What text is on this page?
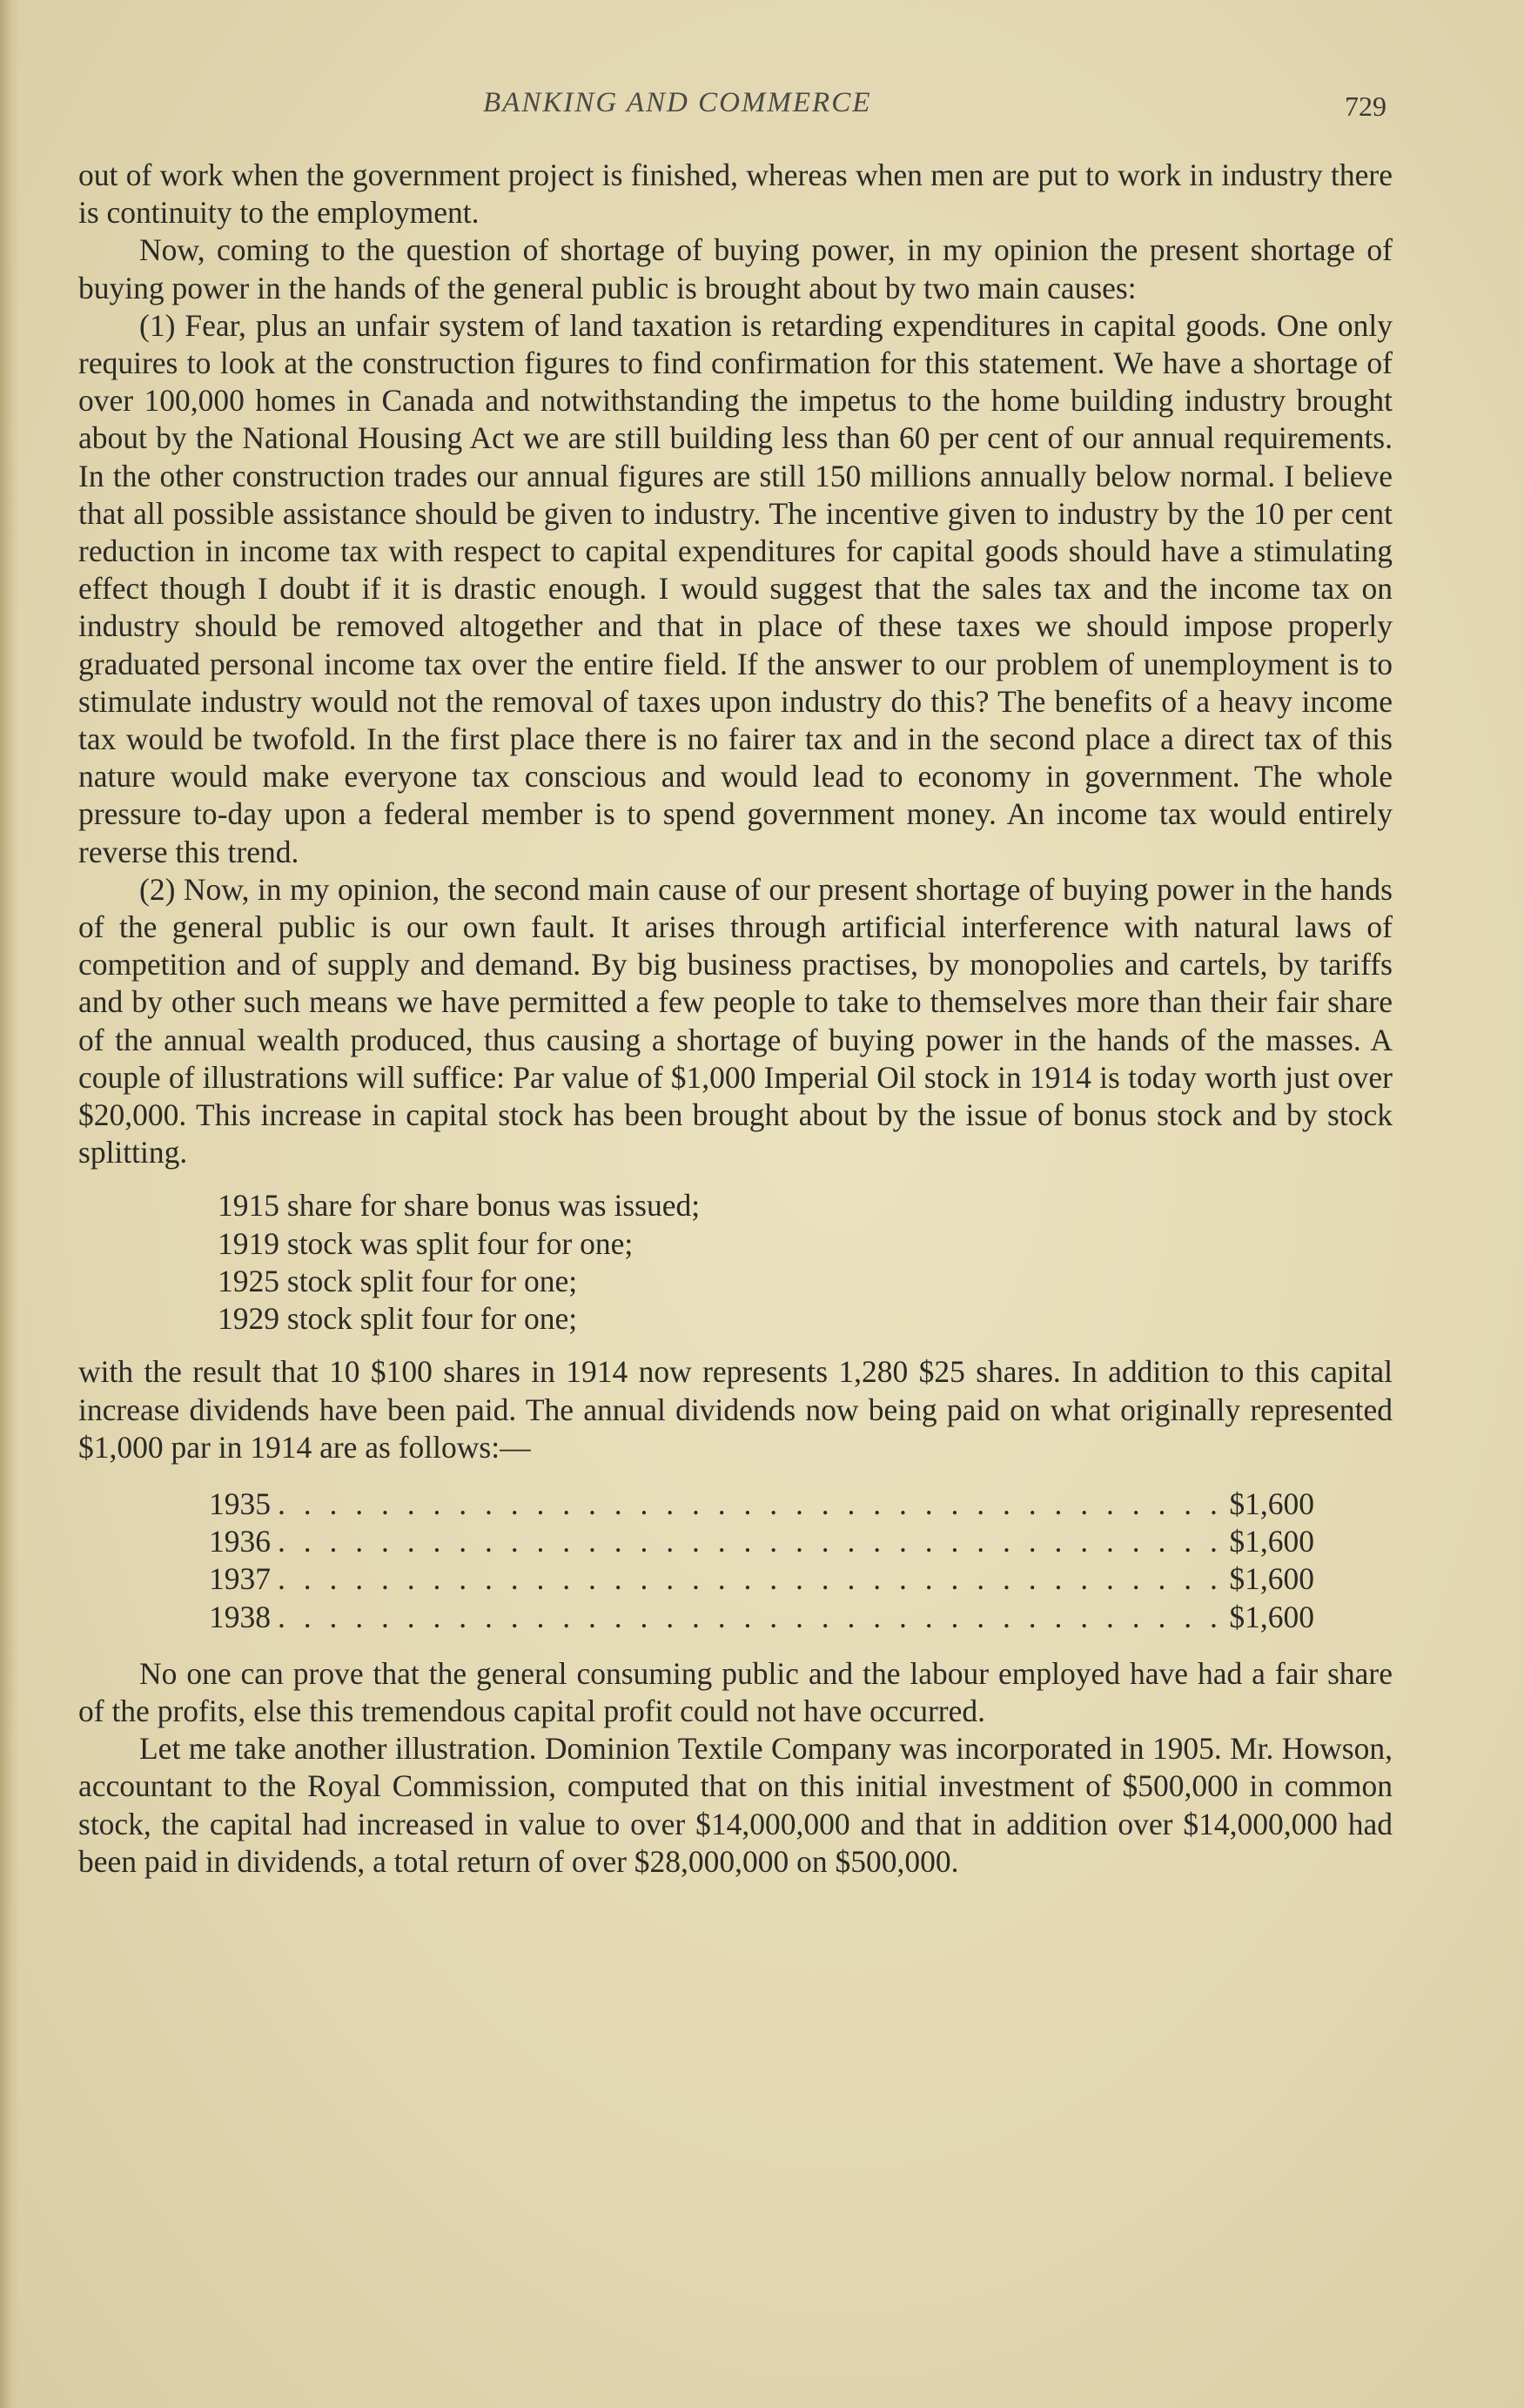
BANKING AND COMMERCE	729

out of work when the government project is finished, whereas when men are put to work in industry there is continuity to the employment.

Now, coming to the question of shortage of buying power, in my opinion the present shortage of buying power in the hands of the general public is brought about by two main causes:

(1) Fear, plus an unfair system of land taxation is retarding expenditures in capital goods. One only requires to look at the construction figures to find confirmation for this statement. We have a shortage of over 100,000 homes in Canada and notwithstanding the impetus to the home building industry brought about by the National Housing Act we are still building less than 60 per cent of our annual requirements. In the other construction trades our annual figures are still 150 millions annually below normal. I believe that all possible assistance should be given to industry. The incentive given to industry by the 10 per cent reduction in income tax with respect to capital expenditures for capital goods should have a stimulating effect though I doubt if it is drastic enough. I would suggest that the sales tax and the income tax on industry should be removed altogether and that in place of these taxes we should impose properly graduated personal income tax over the entire field. If the answer to our problem of unemployment is to stimulate industry would not the removal of taxes upon industry do this? The benefits of a heavy income tax would be twofold. In the first place there is no fairer tax and in the second place a direct tax of this nature would make everyone tax conscious and would lead to economy in government. The whole pressure to-day upon a federal member is to spend government money. An income tax would entirely reverse this trend.

(2) Now, in my opinion, the second main cause of our present shortage of buying power in the hands of the general public is our own fault. It arises through artificial interference with natural laws of competition and of supply and demand. By big business practises, by monopolies and cartels, by tariffs and by other such means we have permitted a few people to take to themselves more than their fair share of the annual wealth produced, thus causing a shortage of buying power in the hands of the masses. A couple of illustrations will suffice: Par value of $1,000 Imperial Oil stock in 1914 is today worth just over $20,000. This increase in capital stock has been brought about by the issue of bonus stock and by stock splitting.

1915 share for share bonus was issued;
1919 stock was split four for one;
1925 stock split four for one;
1929 stock split four for one;

with the result that 10 $100 shares in 1914 now represents 1,280 $25 shares. In addition to this capital increase dividends have been paid. The annual dividends now being paid on what originally represented $1,000 par in 1914 are as follows:—

1935 . . .	$1,600
1936 . . .	$1,600
1937 . . .	$1,600
1938 . . .	$1,600

No one can prove that the general consuming public and the labour employed have had a fair share of the profits, else this tremendous capital profit could not have occurred.

Let me take another illustration. Dominion Textile Company was incorporated in 1905. Mr. Howson, accountant to the Royal Commission, computed that on this initial investment of $500,000 in common stock, the capital had increased in value to over $14,000,000 and that in addition over $14,000,000 had been paid in dividends, a total return of over $28,000,000 on $500,000.
